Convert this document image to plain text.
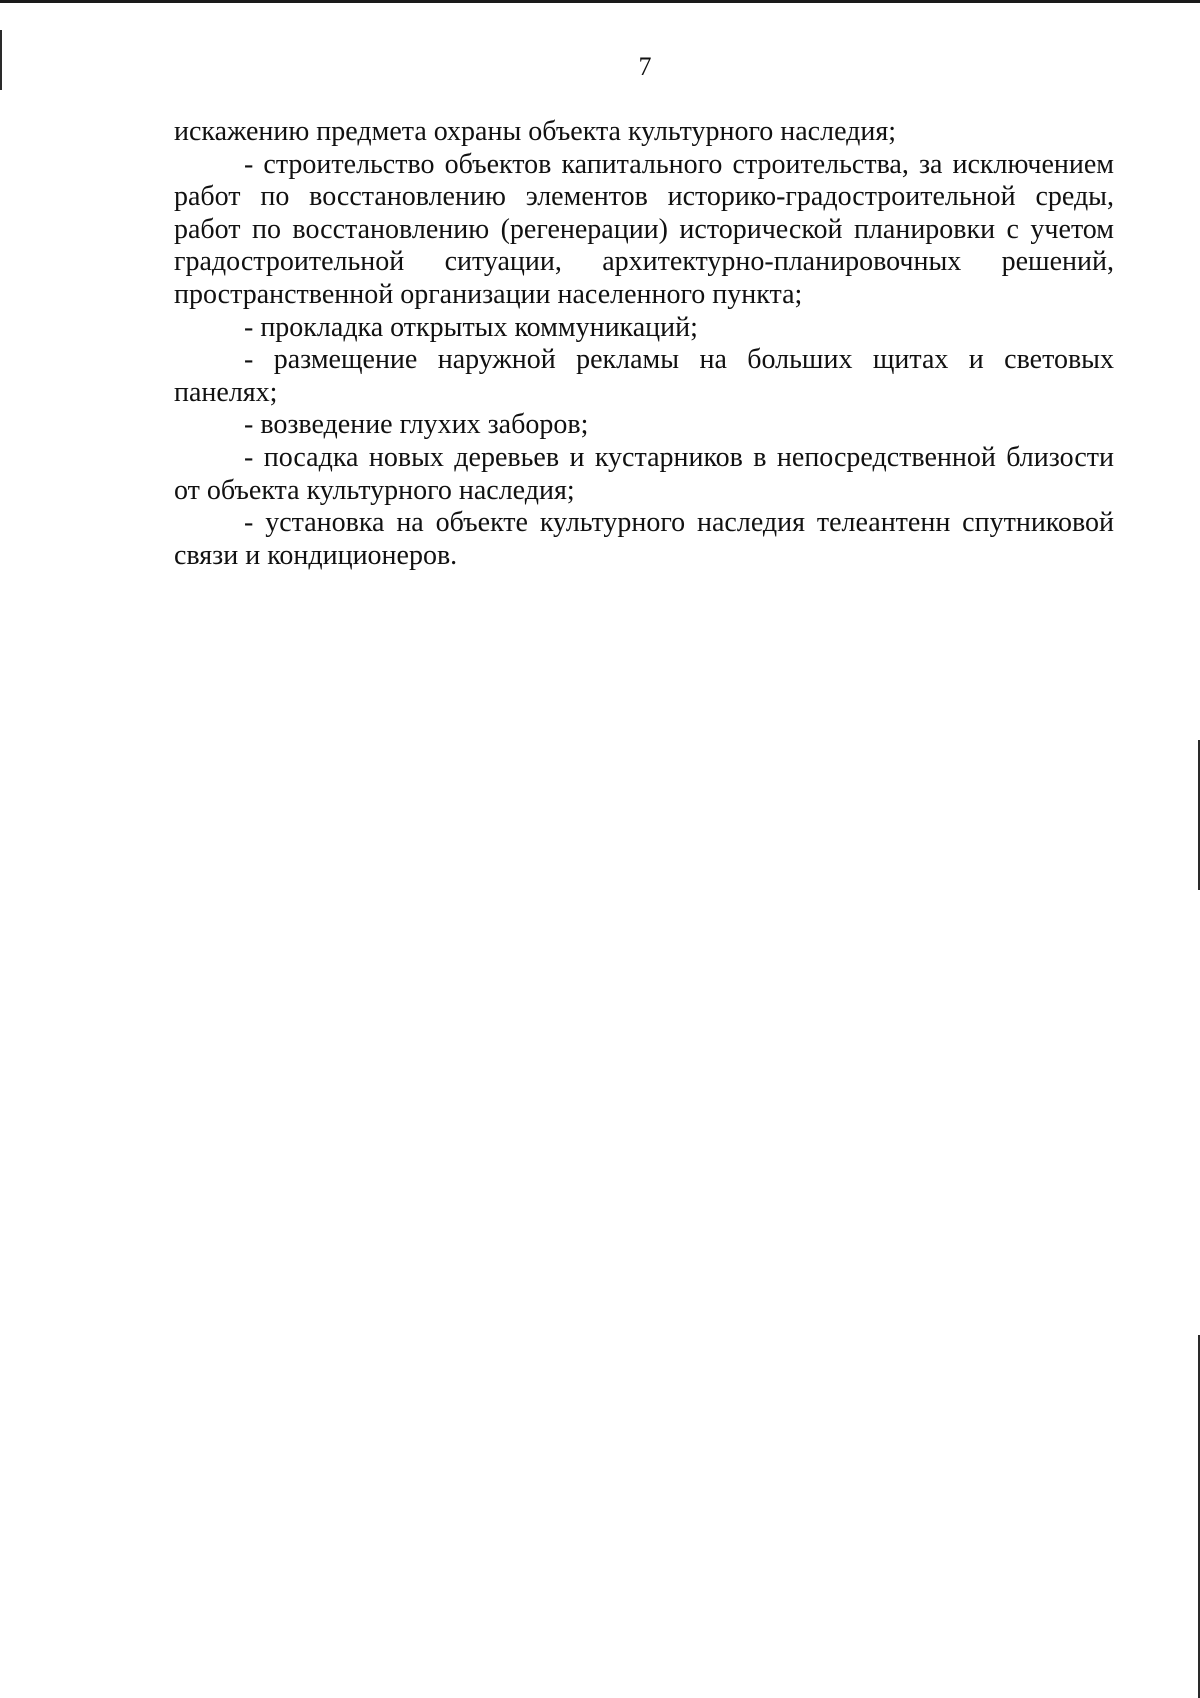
7

искажению предмета охраны объекта культурного наследия;

- строительство объектов капитального строительства, за исключением работ по восстановлению элементов историко-градостроительной среды, работ по восстановлению (регенерации) исторической планировки с учетом градостроительной ситуации, архитектурно-планировочных решений, пространственной организации населенного пункта;

- прокладка открытых коммуникаций;

- размещение наружной рекламы на больших щитах и световых панелях;

- возведение глухих заборов;

- посадка новых деревьев и кустарников в непосредственной близости от объекта культурного наследия;

- установка на объекте культурного наследия телеантенн спутниковой связи и кондиционеров.
